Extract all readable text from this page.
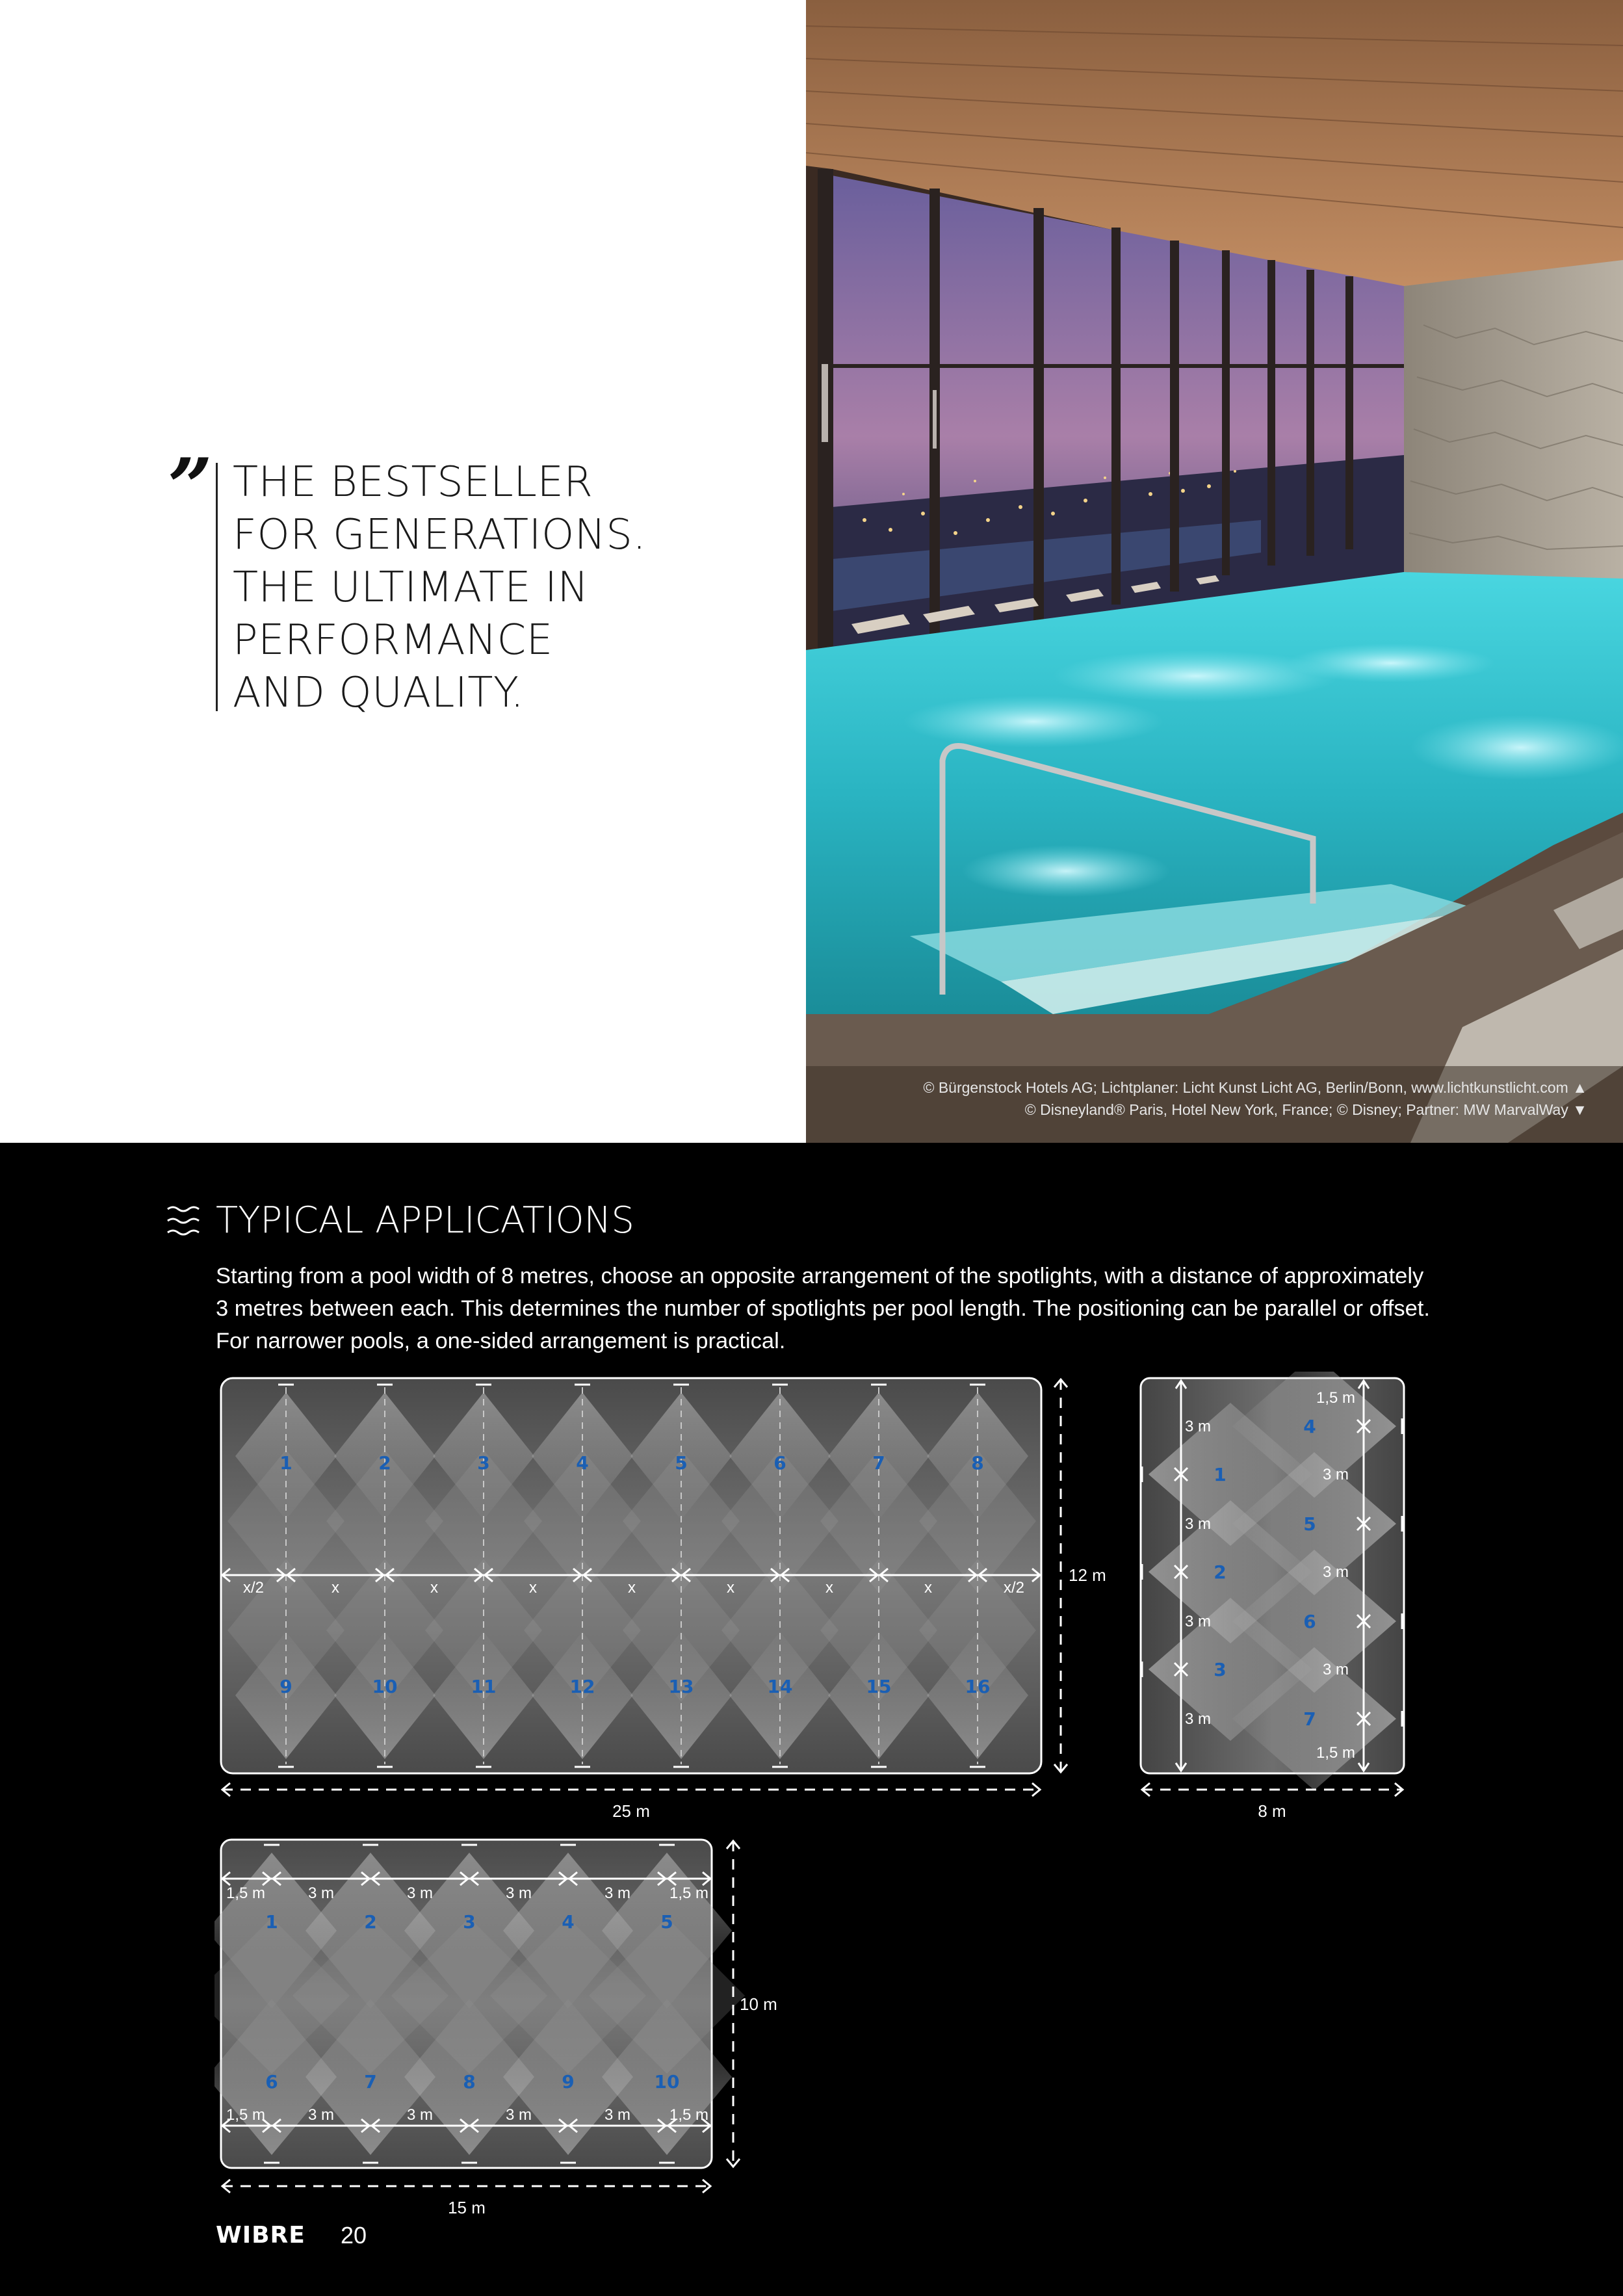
” THE BESTSELLER
FOR GENERATIONS.
THE ULTIMATE IN
PERFORMANCE
AND QUALITY.
© Bürgenstock Hotels AG; Lichtplaner: Licht Kunst Licht AG, Berlin/Bonn, www.lichtkunstlicht.com ▲
© Disneyland® Paris, Hotel New York, France; © Disney; Partner: MW MarvalWay ▼
TYPICAL APPLICATIONS
Starting from a pool width of 8 metres, choose an opposite arrangement of the spotlights, with a distance of approximately
3 metres between each. This determines the number of spotlights per pool length. The positioning can be parallel or offset.
For narrower pools, a one-sided arrangement is practical.
1
9
2
10
3
11
4
12
5
13
6
14
7
15
8
16
x/2	x	x	x	x	x	x	x	x/2
25 m
12 m
1
2
3
4
5
6
7
3 m
3 m
3 m
3 m
1,5 m
3 m
3 m
3 m
1,5 m
8 m
1
6
2
7
3
8
4
9
5
10
1,5 m
1,5 m
3 m
3 m
3 m
3 m
3 m
3 m
3 m
3 m
1,5 m
1,5 m
15 m
10 m
WIBRE 20
